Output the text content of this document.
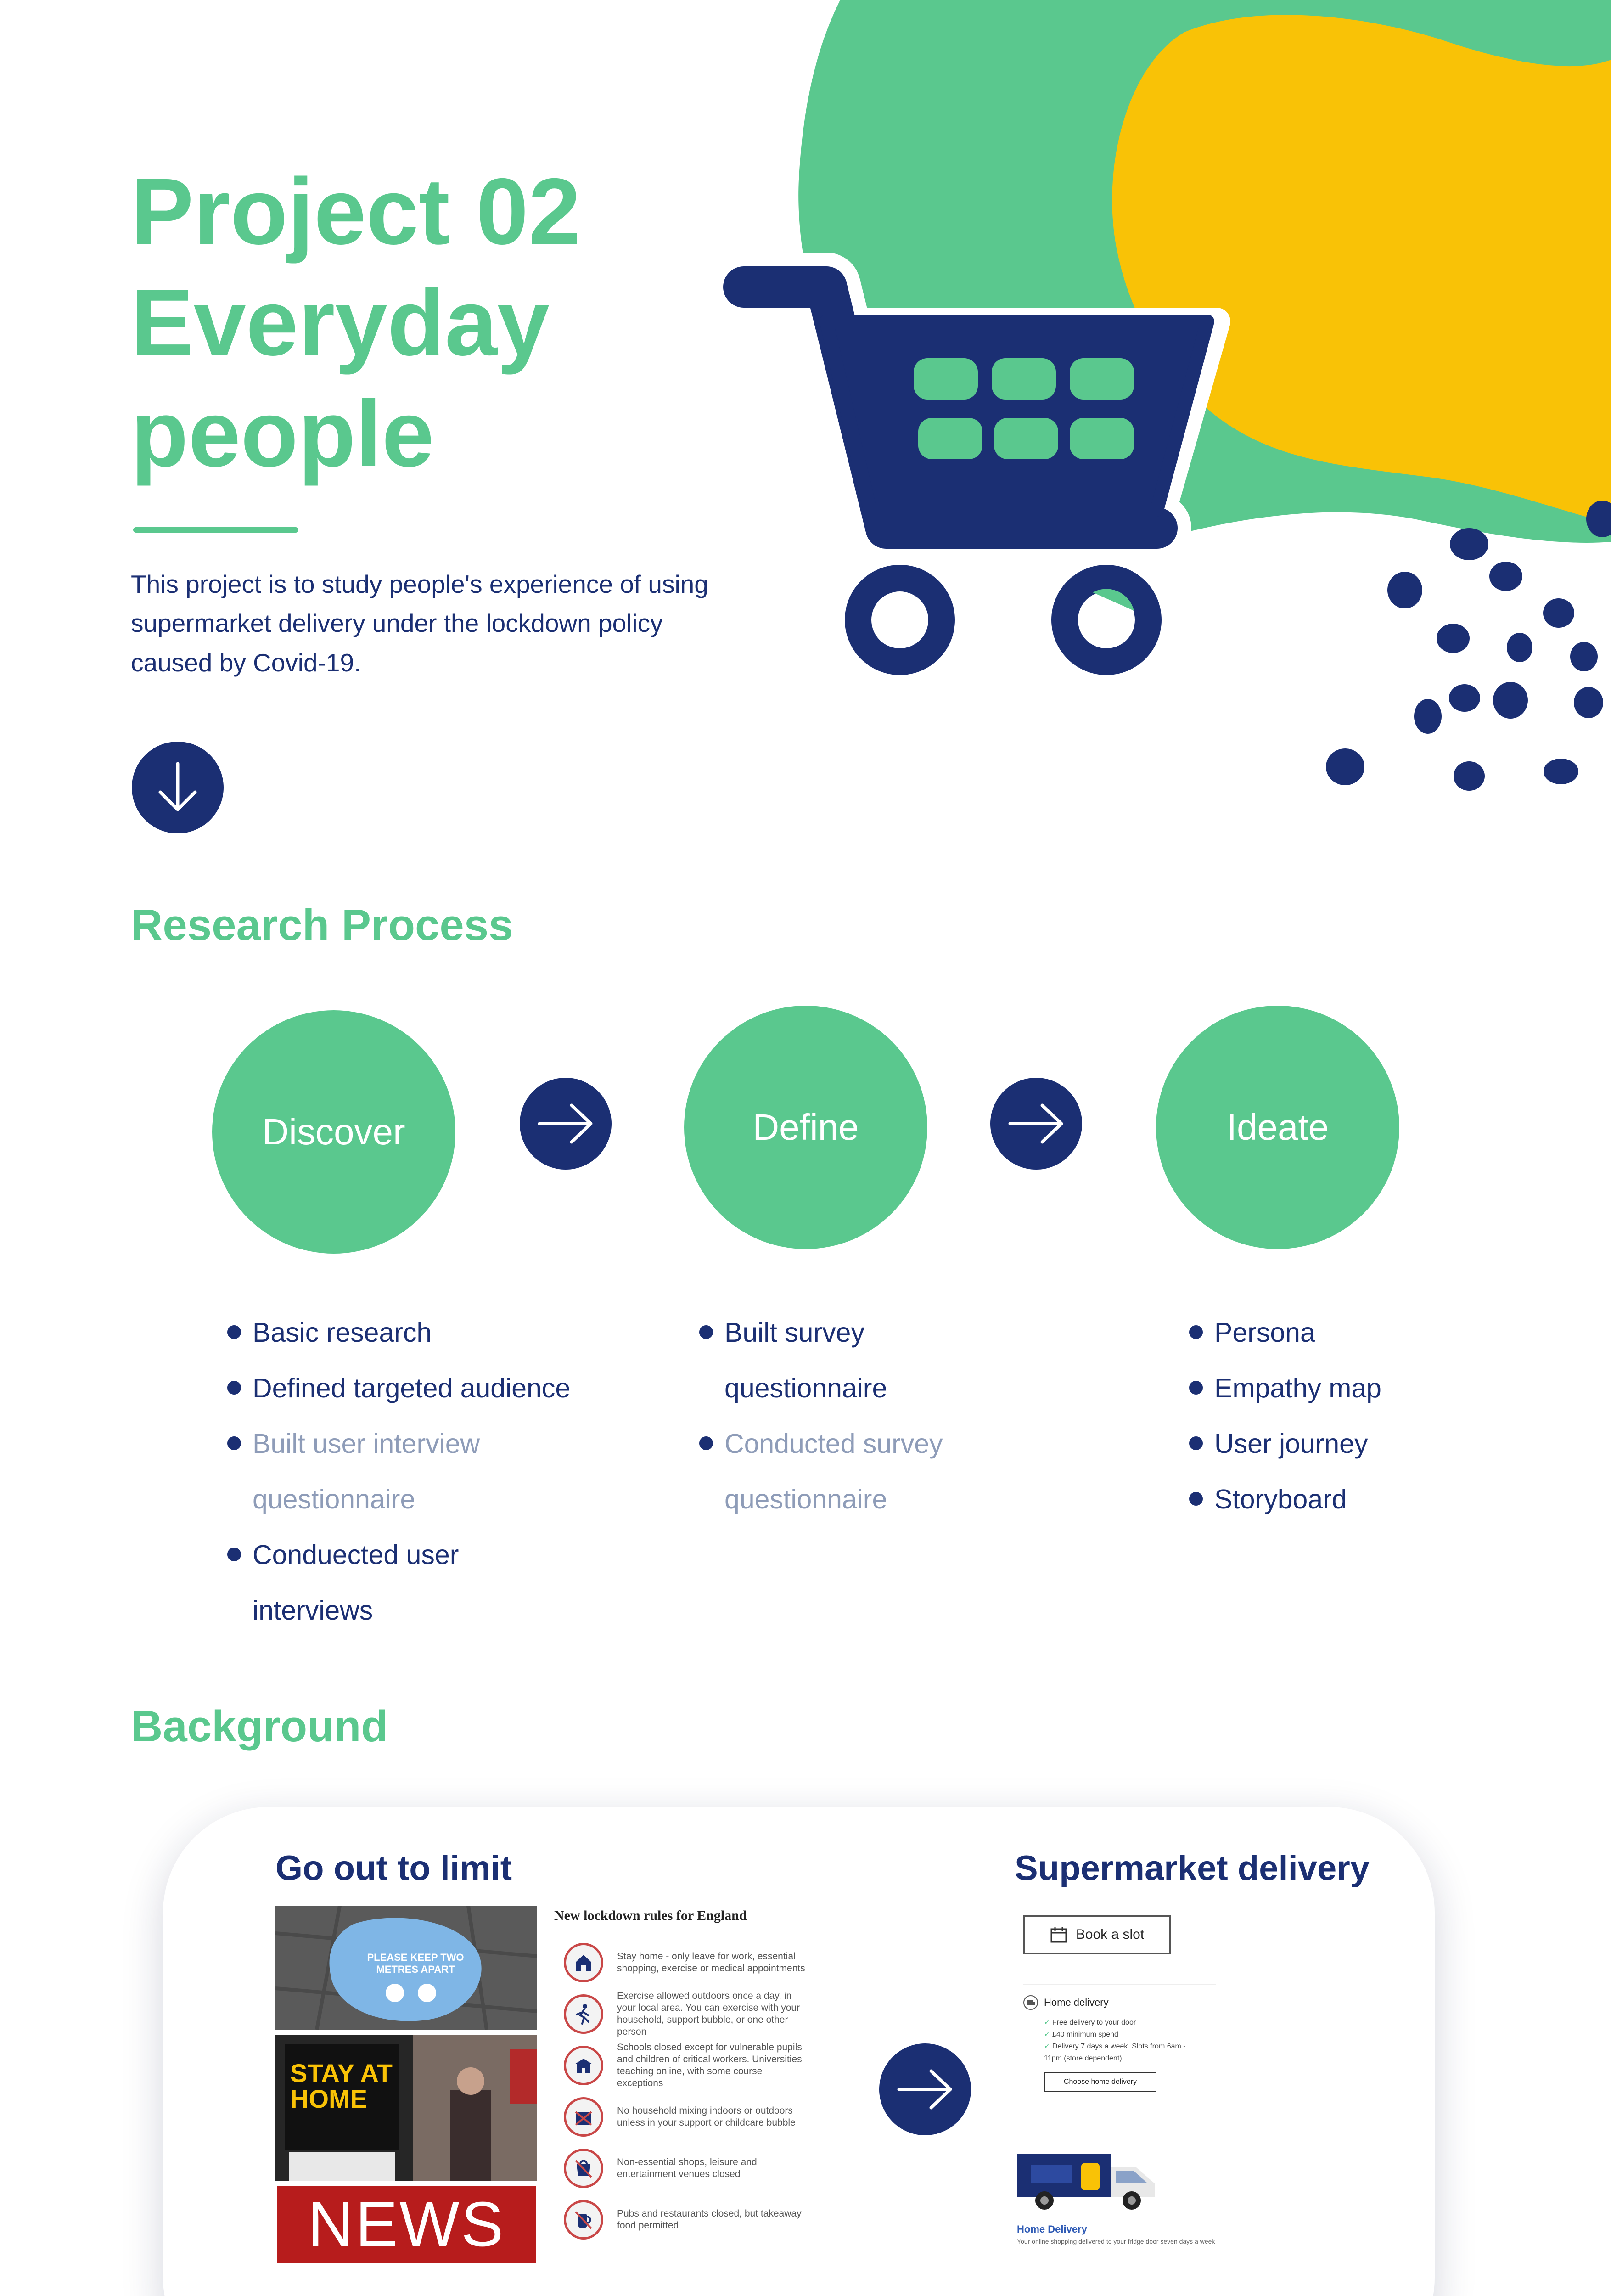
Project 02
Everyday
people

This project is to study people's experience of using supermarket delivery under the lockdown policy caused by Covid-19.

Research Process
Discover	Define	Ideate
Basic research
Defined targeted audience
Built user interview questionnaire
Conduected user interviews
Built survey questionnaire
Conducted survey questionnaire
Persona
Empathy map
User journey
Storyboard
Background
Go out to limit
PLEASE KEEP TWO METRES APART
STAY AT HOME
NEWS

New lockdown rules for England

Stay home - only leave for work, essential shopping, exercise or medical appointments
Exercise allowed outdoors once a day, in your local area. You can exercise with your household, support bubble, or one other person
Schools closed except for vulnerable pupils and children of critical workers. Universities teaching online, with some course exceptions
No household mixing indoors or outdoors unless in your support or childcare bubble
Non-essential shops, leisure and entertainment venues closed
Pubs and restaurants closed, but takeaway food permitted
Supermarket delivery
Book a slot
Home delivery
✓ Free delivery to your door
✓ £40 minimum spend
✓ Delivery 7 days a week. Slots from 6am - 11pm (store dependent)
Choose home delivery
Home Delivery
Your online shopping delivered to your fridge door seven days a week
